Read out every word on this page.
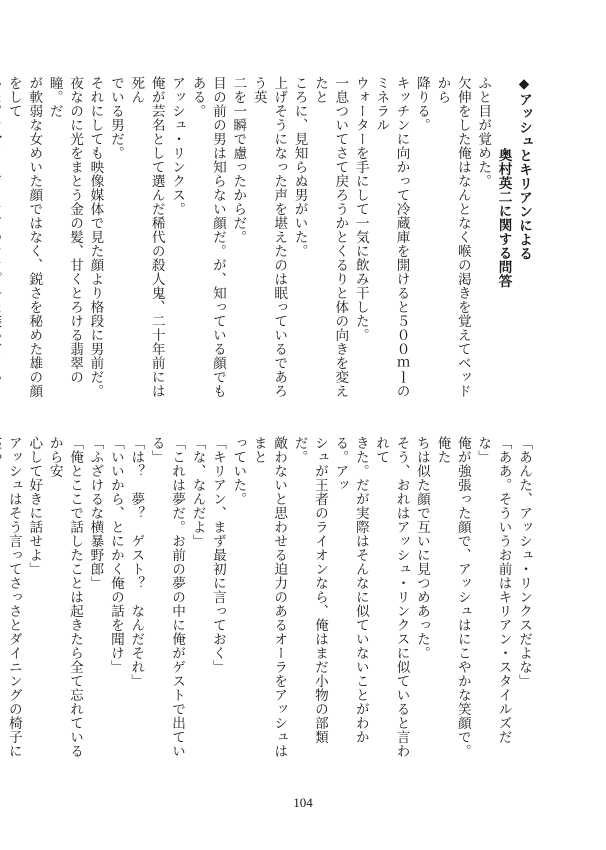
◆アッシュとキリアンによる
奥村英二に関する問答
ふと目が覚めた。
欠伸をした俺はなんとなく喉の渇きを覚えてベッドから
降りる。
キッチンに向かって冷蔵庫を開けると５００ｍｌのミネラル
ウォーターを手にして一気に飲み干した。
一息ついてさて戻ろうかとくるりと体の向きを変えたと
ころに、見知らぬ男がいた。
上げそうになった声を堪えたのは眠っているであろう英
二を一瞬で慮ったからだ。
目の前の男は知らない顔だ。が、知っている顔でもある。
アッシュ・リンクス。
俺が芸名として選んだ稀代の殺人鬼、二十年前には死ん
でいる男だ。
それにしても映像媒体で見た顔より格段に男前だ。
夜なのに光をまとう金の髪、甘くとろける翡翠の瞳。だ
が軟弱な女めいた顔ではなく、鋭さを秘めた雄の顔をして
「あんた、アッシュ・リンクスだよな」
「ああ。そういうお前はキリアン・スタイルズだな」
俺が強張った顔で、アッシュはにこやかな笑顔で。俺た
ちは似た顔で互いに見つめあった。
そう、おれはアッシュ・リンクスに似ていると言われて
きた。だが実際はそんなに似ていないことがわかる。アッ
シュが王者のライオンなら、俺はまだ小物の部類だ。
敵わないと思わせる迫力のあるオーラをアッシュはまと
っていた。
「キリアン、まず最初に言っておく」
「な、なんだよ」
「これは夢だ。お前の夢の中に俺がゲストで出ている」
「は？　夢？　ゲスト？　なんだそれ」
「いいから、とにかく俺の話を聞け」
「ふざけるな横暴野郎」
「俺とここで話したことは起きたら全て忘れているから安
心して好きに話せよ」
アッシュはそう言ってさっさとダイニングの椅子に
104
